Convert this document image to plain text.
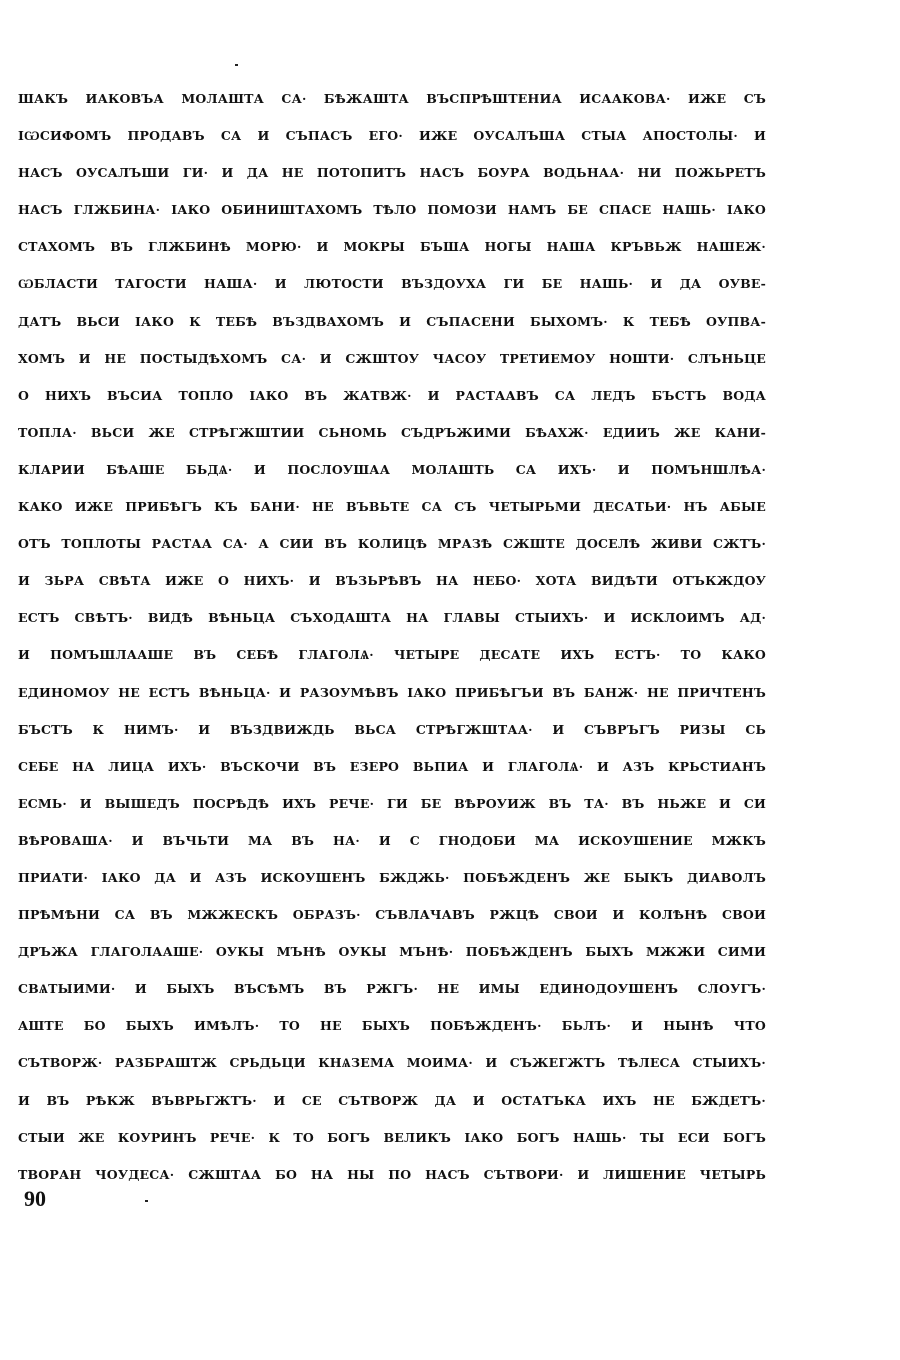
ШАКЪ ИАКОВЪА МОЛАШТА СА· БѢЖАШТА ВЪСПРѢШТЕНИА ИСААКОВА· ИЖЕ СЪ
ІѠСИФОМЪ ПРОДАВЪ СА И СЪПАСЪ ЕГО· ИЖЕ ОУСАЛЪША СТЫА АПОСТОЛЫ· И
НАСЪ ОУСАЛЪШИ ГИ· И ДА НЕ ПОТОПИТЪ НАСЪ БОУРА ВОДЬНАА· НИ ПОЖЬРЕТЪ
НАСЪ ГЛЖБИНА· ІАКО ОБИНИШТАХОМЪ ТѢЛО ПОМОЗИ НАМЪ БЕ СПАСЕ НАШЬ· ІАКО
СТАХОМЪ ВЪ ГЛЖБИНѢ МОРЮ· И МОКРЫ БЪША НОГЫ НАША КРЪВЬЖ НАШЕЖ·
ѠБЛАСТИ ТАГОСТИ НАША· И ЛЮТОСТИ ВЪЗДОУХА ГИ БЕ НАШЬ· И ДА ОУВЕ-
ДАТЪ ВЬСИ ІАКО К ТЕБѢ ВЪЗДВАХОМЪ И СЪПАСЕНИ БЫХОМЪ· К ТЕБѢ ОУПВА-
ХОМЪ И НЕ ПОСТЫДѢХОМЪ СА· И СЖШТОУ ЧАСОУ ТРЕТИЕМОУ НОШТИ· СЛЪНЬЦЕ
О НИХЪ ВЪСИА ТОПЛО ІАКО ВЪ ЖАТВЖ· И РАСТААВЪ СА ЛЕДЪ БЪСТЪ ВОДА
ТОПЛА· ВЬСИ ЖЕ СТРѢГЖШТИИ СЬНОМЬ СЪДРЪЖИМИ БѢАХЖ· ЕДИИЪ ЖЕ КАНИ-
КЛАРИИ БѢАШЕ БЬДѦ· И ПОСЛОУШАА МОЛАШТЬ СА ИХЪ· И ПОМЪНШЛѢА·
КАКО ИЖЕ ПРИБѢГЪ КЪ БАНИ· НЕ ВЪВЬТЕ СА СЪ ЧЕТЫРЬМИ ДЕСАТЬИ· НЪ АБЫЕ
ОТЪ ТОПЛОТЫ РАСТАА СА· А СИИ ВЪ КОЛИЦѢ МРАЗѢ СЖШТЕ ДОСЕЛѢ ЖИВИ СЖТЪ·
И ЗЬРА СВѢТА ИЖЕ О НИХЪ· И ВЪЗЬРѢВЪ НА НЕБО· ХОТА ВИДѢТИ ОТЪКЖДОУ
ЕСТЪ СВѢТЪ· ВИДѢ ВѢНЬЦА СЪХОДАШТА НА ГЛАВЫ СТЫИХЪ· И ИСКЛОИМЪ АД·
И ПОМЪШЛААШЕ ВЪ СЕБѢ ГЛАГОЛѦ· ЧЕТЫРЕ ДЕСАТЕ ИХЪ ЕСТЪ· ТО КАКО
ЕДИНОМОУ НЕ ЕСТЪ ВѢНЬЦА· И РАЗОУМѢВЪ ІАКО ПРИБѢГЪИ ВЪ БАНЖ· НЕ ПРИЧТЕНЪ
БЪСТЪ К НИМЪ· И ВЪЗДВИЖДЬ ВЬСА СТРѢГЖШТАА· И СЪВРЪГЪ РИЗЫ СЬ
СЕБЕ НА ЛИЦА ИХЪ· ВЪСКОЧИ ВЪ ЕЗЕРО ВЬПИА И ГЛАГОЛѦ· И АЗЪ КРЬСТИАНЪ
ЕСМЬ· И ВЫШЕДЪ ПОСРѢДѢ ИХЪ РЕЧЕ· ГИ БЕ ВѢРОУИЖ ВЪ ТА· ВЪ НЬЖЕ И СИ
ВѢРОВАША· И ВЪЧЬТИ МА ВЪ НА· И С ГНОДОБИ МА ИСКОУШЕНИЕ МЖКЪ
ПРИАТИ· ІАКО ДА И АЗЪ ИСКОУШЕНЪ БЖДЖЬ· ПОБѢЖДЕНЪ ЖЕ БЫКЪ ДИАВОЛЪ
ПРѢМѢНИ СА ВЪ МЖЖЕСКЪ ОБРАЗЪ· СЪВЛАЧАВЪ РЖЦѢ СВОИ И КОЛѢНѢ СВОИ
ДРЪЖА ГЛАГОЛААШЕ· ОУКЫ МЪНѢ ОУКЫ МЪНѢ· ПОБѢЖДЕНЪ БЫХЪ МЖЖИ СИМИ
СВѦТЫИМИ· И БЫХЪ ВЪСѢМЪ ВЪ РЖГЪ· НЕ ИМЫ ЕДИНОДОУШЕНЪ СЛОУГЪ·
АШТЕ БО БЫХЪ ИМѢЛЪ· ТО НЕ БЫХЪ ПОБѢЖДЕНЪ· БЬЛЪ· И НЫНѢ ЧТО
СЪТВОРЖ· РАЗБРАШТЖ СРЬДЬЦИ КНѦЗЕМА МОИМА· И СЪЖЕГЖТЪ ТѢЛЕСА СТЫИХЪ·
И ВЪ РѢКЖ ВЪВРЬГЖТЪ· И СЕ СЪТВОРЖ ДА И ОСТАТЪКА ИХЪ НЕ БЖДЕТЪ·
СТЫИ ЖЕ КОУРИНЪ РЕЧЕ· К ТО БОГЪ ВЕЛИКЪ ІАКО БОГЪ НАШЬ· ТЫ ЕСИ БОГЪ
ТВОРАН ЧОУДЕСА· СЖШТАА БО НА НЫ ПО НАСЪ СЪТВОРИ· И ЛИШЕНИЕ ЧЕТЫРЬ
90
